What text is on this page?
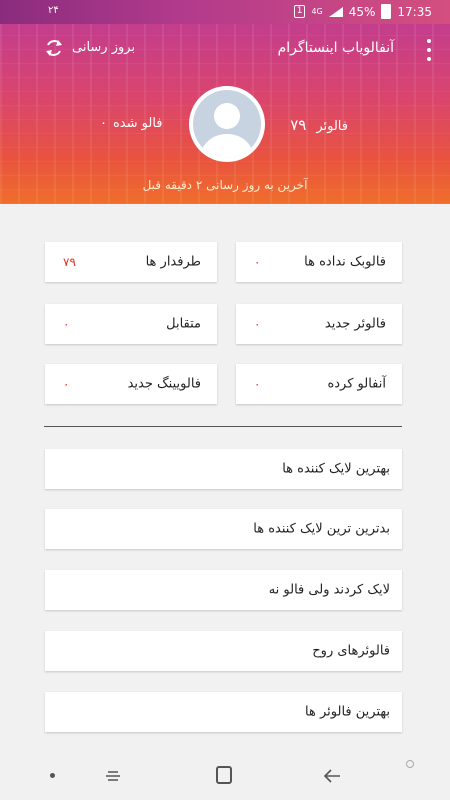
۲۴	1	4G 45% 17:35
آنفالویاب اینستاگرام
بروز رسانی
فالوئر
۷۹
فالو شده
۰
آخرین به روز رسانی ۲ دقیقه قبل
فالوبک نداده ها
۰
طرفدار ها
۷۹
فالوئر جدید
۰
متقابل
۰
آنفالو کرده
۰
فالویینگ جدید
۰
بهترین لایک کننده ها
بدترین ترین لایک کننده ها
لایک کردند ولی فالو نه
فالوئرهای روح
بهترین فالوئر ها
